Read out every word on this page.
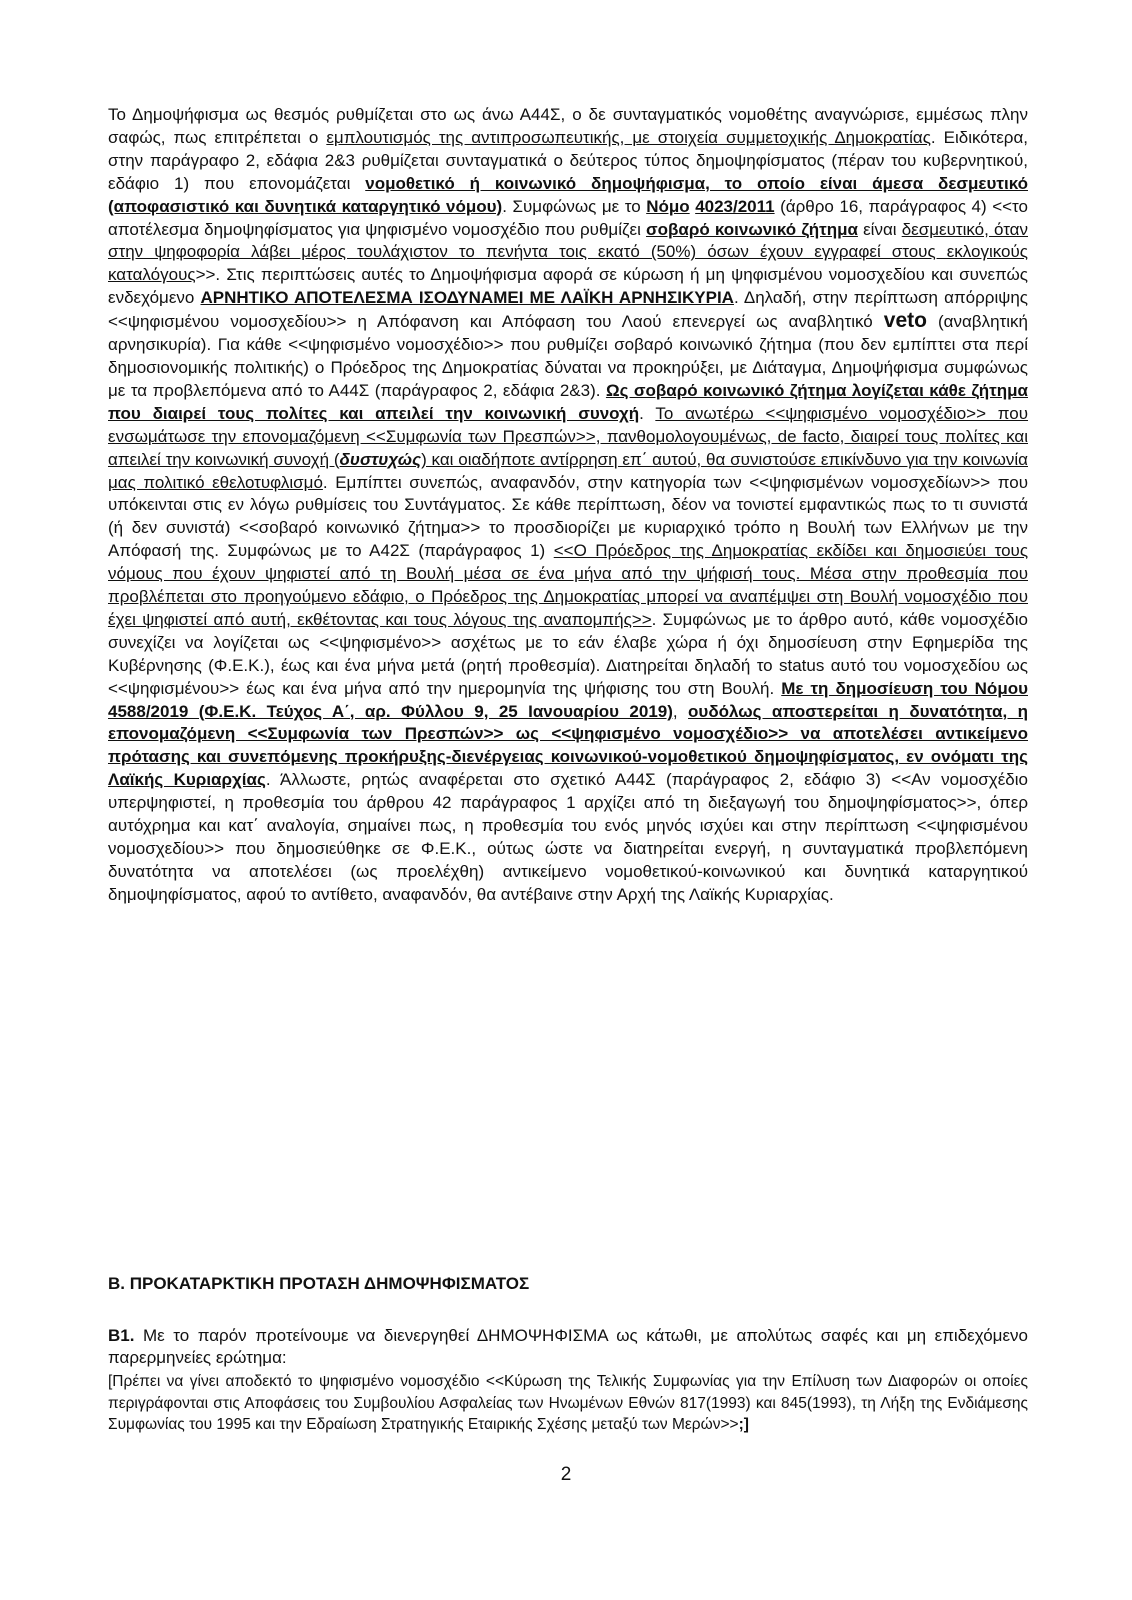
Το Δημοψήφισμα ως θεσμός ρυθμίζεται στο ως άνω Α44Σ, ο δε συνταγματικός νομοθέτης αναγνώρισε, εμμέσως πλην σαφώς, πως επιτρέπεται ο εμπλουτισμός της αντιπροσωπευτικής, με στοιχεία συμμετοχικής Δημοκρατίας. Ειδικότερα, στην παράγραφο 2, εδάφια 2&3 ρυθμίζεται συνταγματικά ο δεύτερος τύπος δημοψηφίσματος (πέραν του κυβερνητικού, εδάφιο 1) που επονομάζεται νομοθετικό ή κοινωνικό δημοψήφισμα, το οποίο είναι άμεσα δεσμευτικό (αποφασιστικό και δυνητικά καταργητικό νόμου). Συμφώνως με το Νόμο 4023/2011 (άρθρο 16, παράγραφος 4) <<το αποτέλεσμα δημοψηφίσματος για ψηφισμένο νομοσχέδιο που ρυθμίζει σοβαρό κοινωνικό ζήτημα είναι δεσμευτικό, όταν στην ψηφοφορία λάβει μέρος τουλάχιστον το πενήντα τοις εκατό (50%) όσων έχουν εγγραφεί στους εκλογικούς καταλόγους>>. Στις περιπτώσεις αυτές το Δημοψήφισμα αφορά σε κύρωση ή μη ψηφισμένου νομοσχεδίου και συνεπώς ενδεχόμενο ΑΡΝΗΤΙΚΟ ΑΠΟΤΕΛΕΣΜΑ ΙΣΟΔΥΝΑΜΕΙ ΜΕ ΛΑΪΚΗ ΑΡΝΗΣΙΚΥΡΙΑ. Δηλαδή, στην περίπτωση απόρριψης <<ψηφισμένου νομοσχεδίου>> η Απόφανση και Απόφαση του Λαού επενεργεί ως αναβλητικό veto (αναβλητική αρνησικυρία). Για κάθε <<ψηφισμένο νομοσχέδιο>> που ρυθμίζει σοβαρό κοινωνικό ζήτημα (που δεν εμπίπτει στα περί δημοσιονομικής πολιτικής) ο Πρόεδρος της Δημοκρατίας δύναται να προκηρύξει, με Διάταγμα, Δημοψήφισμα συμφώνως με τα προβλεπόμενα από το Α44Σ (παράγραφος 2, εδάφια 2&3). Ως σοβαρό κοινωνικό ζήτημα λογίζεται κάθε ζήτημα που διαιρεί τους πολίτες και απειλεί την κοινωνική συνοχή. Το ανωτέρω <<ψηφισμένο νομοσχέδιο>> που ενσωμάτωσε την επονομαζόμενη <<Συμφωνία των Πρεσπών>>, πανθομολογουμένως, de facto, διαιρεί τους πολίτες και απειλεί την κοινωνική συνοχή (δυστυχώς) και οιαδήποτε αντίρρηση επ΄ αυτού, θα συνιστούσε επικίνδυνο για την κοινωνία μας πολιτικό εθελοτυφλισμό. Εμπίπτει συνεπώς, αναφανδόν, στην κατηγορία των <<ψηφισμένων νομοσχεδίων>> που υπόκεινται στις εν λόγω ρυθμίσεις του Συντάγματος. Σε κάθε περίπτωση, δέον να τονιστεί εμφαντικώς πως το τι συνιστά (ή δεν συνιστά) <<σοβαρό κοινωνικό ζήτημα>> το προσδιορίζει με κυριαρχικό τρόπο η Βουλή των Ελλήνων με την Απόφασή της. Συμφώνως με το Α42Σ (παράγραφος 1) <<Ο Πρόεδρος της Δημοκρατίας εκδίδει και δημοσιεύει τους νόμους που έχουν ψηφιστεί από τη Βουλή μέσα σε ένα μήνα από την ψήφισή τους. Μέσα στην προθεσμία που προβλέπεται στο προηγούμενο εδάφιο, ο Πρόεδρος της Δημοκρατίας μπορεί να αναπέμψει στη Βουλή νομοσχέδιο που έχει ψηφιστεί από αυτή, εκθέτοντας και τους λόγους της αναπομπής>>. Συμφώνως με το άρθρο αυτό, κάθε νομοσχέδιο συνεχίζει να λογίζεται ως <<ψηφισμένο>> ασχέτως με το εάν έλαβε χώρα ή όχι δημοσίευση στην Εφημερίδα της Κυβέρνησης (Φ.Ε.Κ.), έως και ένα μήνα μετά (ρητή προθεσμία). Διατηρείται δηλαδή το status αυτό του νομοσχεδίου ως <<ψηφισμένου>> έως και ένα μήνα από την ημερομηνία της ψήφισης του στη Βουλή. Με τη δημοσίευση του Νόμου 4588/2019 (Φ.Ε.Κ. Τεύχος Α΄, αρ. Φύλλου 9, 25 Ιανουαρίου 2019), ουδόλως αποστερείται η δυνατότητα, η επονομαζόμενη <<Συμφωνία των Πρεσπών>> ως <<ψηφισμένο νομοσχέδιο>> να αποτελέσει αντικείμενο πρότασης και συνεπόμενης προκήρυξης-διενέργειας κοινωνικού-νομοθετικού δημοψηφίσματος, εν ονόματι της Λαϊκής Κυριαρχίας. Άλλωστε, ρητώς αναφέρεται στο σχετικό Α44Σ (παράγραφος 2, εδάφιο 3) <<Αν νομοσχέδιο υπερψηφιστεί, η προθεσμία του άρθρου 42 παράγραφος 1 αρχίζει από τη διεξαγωγή του δημοψηφίσματος>>, όπερ αυτόχρημα και κατ΄ αναλογία, σημαίνει πως, η προθεσμία του ενός μηνός ισχύει και στην περίπτωση <<ψηφισμένου νομοσχεδίου>> που δημοσιεύθηκε σε Φ.Ε.Κ., ούτως ώστε να διατηρείται ενεργή, η συνταγματικά προβλεπόμενη δυνατότητα να αποτελέσει (ως προελέχθη) αντικείμενο νομοθετικού-κοινωνικού και δυνητικά καταργητικού δημοψηφίσματος, αφού το αντίθετο, αναφανδόν, θα αντέβαινε στην Αρχή της Λαϊκής Κυριαρχίας.

Β. ΠΡΟΚΑΤΑΡΚΤΙΚΗ ΠΡΟΤΑΣΗ ΔΗΜΟΨΗΦΙΣΜΑΤΟΣ

Β1. Με το παρόν προτείνουμε να διενεργηθεί ΔΗΜΟΨΗΦΙΣΜΑ ως κάτωθι, με απολύτως σαφές και μη επιδεχόμενο παρερμηνείες ερώτημα:

[Πρέπει να γίνει αποδεκτό το ψηφισμένο νομοσχέδιο <<Κύρωση της Τελικής Συμφωνίας για την Επίλυση των Διαφορών οι οποίες περιγράφονται στις Αποφάσεις του Συμβουλίου Ασφαλείας των Ηνωμένων Εθνών 817(1993) και 845(1993), τη Λήξη της Ενδιάμεσης Συμφωνίας του 1995 και την Εδραίωση Στρατηγικής Εταιρικής Σχέσης μεταξύ των Μερών>>;]

2
